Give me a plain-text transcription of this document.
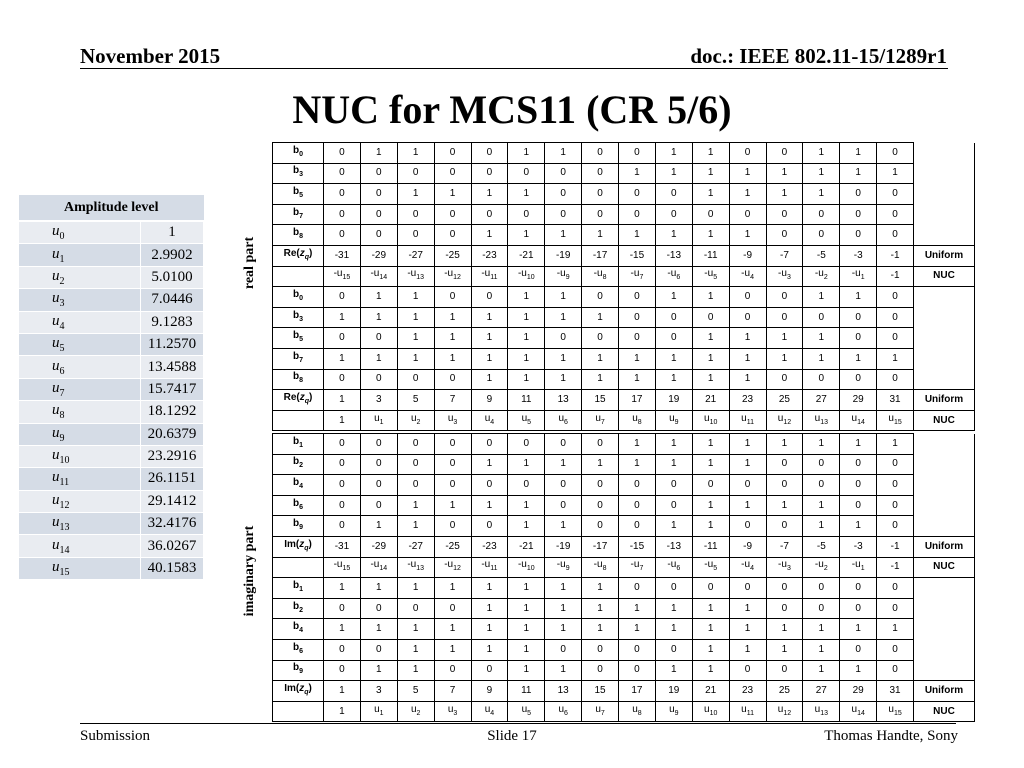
November 2015	doc.: IEEE 802.11-15/1289r1
NUC for MCS11 (CR 5/6)
Amplitude level	
$u_0$	1
$u_1$	2.9902
$u_2$	5.0100
$u_3$	7.0446
$u_4$	9.1283
$u_5$	11.2570
$u_6$	13.4588
$u_7$	15.7417
$u_8$	18.1292
$u_9$	20.6379
$u_{10}$	23.2916
$u_{11}$	26.1151
$u_{12}$	29.1412
$u_{13}$	32.4176
$u_{14}$	36.0267
$u_{15}$	40.1583
real part
imaginary part
$b_0$	0	1	1	0	0	1	1	0	0	1	1	0	0	1	1	0	
$b_3$	0	0	0	0	0	0	0	0	1	1	1	1	1	1	1	1	
$b_5$	0	0	1	1	1	1	0	0	0	0	1	1	1	1	0	0	
$b_7$	0	0	0	0	0	0	0	0	0	0	0	0	0	0	0	0	
$b_8$	0	0	0	0	1	1	1	1	1	1	1	1	0	0	0	0	
$Re(z_q)$	-31	-29	-27	-25	-23	-21	-19	-17	-15	-13	-11	-9	-7	-5	-3	-1	Uniform
	$-u_{15}$	$-u_{14}$	$-u_{13}$	$-u_{12}$	$-u_{11}$	$-u_{10}$	$-u_9$	$-u_8$	$-u_7$	$-u_6$	$-u_5$	$-u_4$	$-u_3$	$-u_2$	$-u_1$	-1	NUC
$b_0$	0	1	1	0	0	1	1	0	0	1	1	0	0	1	1	0	
$b_3$	1	1	1	1	1	1	1	1	0	0	0	0	0	0	0	0	
$b_5$	0	0	1	1	1	1	0	0	0	0	1	1	1	1	0	0	
$b_7$	1	1	1	1	1	1	1	1	1	1	1	1	1	1	1	1	
$b_8$	0	0	0	0	1	1	1	1	1	1	1	1	0	0	0	0	
$Re(z_q)$	1	3	5	7	9	11	13	15	17	19	21	23	25	27	29	31	Uniform
	1	$u_1$	$u_2$	$u_3$	$u_4$	$u_5$	$u_6$	$u_7$	$u_8$	$u_9$	$u_{10}$	$u_{11}$	$u_{12}$	$u_{13}$	$u_{14}$	$u_{15}$	NUC
$b_1$	0	0	0	0	0	0	0	0	1	1	1	1	1	1	1	1	
$b_2$	0	0	0	0	1	1	1	1	1	1	1	1	0	0	0	0	
$b_4$	0	0	0	0	0	0	0	0	0	0	0	0	0	0	0	0	
$b_6$	0	0	1	1	1	1	0	0	0	0	1	1	1	1	0	0	
$b_9$	0	1	1	0	0	1	1	0	0	1	1	0	0	1	1	0	
$Im(z_q)$	-31	-29	-27	-25	-23	-21	-19	-17	-15	-13	-11	-9	-7	-5	-3	-1	Uniform
	$-u_{15}$	$-u_{14}$	$-u_{13}$	$-u_{12}$	$-u_{11}$	$-u_{10}$	$-u_9$	$-u_8$	$-u_7$	$-u_6$	$-u_5$	$-u_4$	$-u_3$	$-u_2$	$-u_1$	-1	NUC
$b_1$	1	1	1	1	1	1	1	1	0	0	0	0	0	0	0	0	
$b_2$	0	0	0	0	1	1	1	1	1	1	1	1	0	0	0	0	
$b_4$	1	1	1	1	1	1	1	1	1	1	1	1	1	1	1	1	
$b_6$	0	0	1	1	1	1	0	0	0	0	1	1	1	1	0	0	
$b_9$	0	1	1	0	0	1	1	0	0	1	1	0	0	1	1	0	
$Im(z_q)$	1	3	5	7	9	11	13	15	17	19	21	23	25	27	29	31	Uniform
	1	$u_1$	$u_2$	$u_3$	$u_4$	$u_5$	$u_6$	$u_7$	$u_8$	$u_9$	$u_{10}$	$u_{11}$	$u_{12}$	$u_{13}$	$u_{14}$	$u_{15}$	NUC
Submission	Slide 17	Thomas Handte, Sony
